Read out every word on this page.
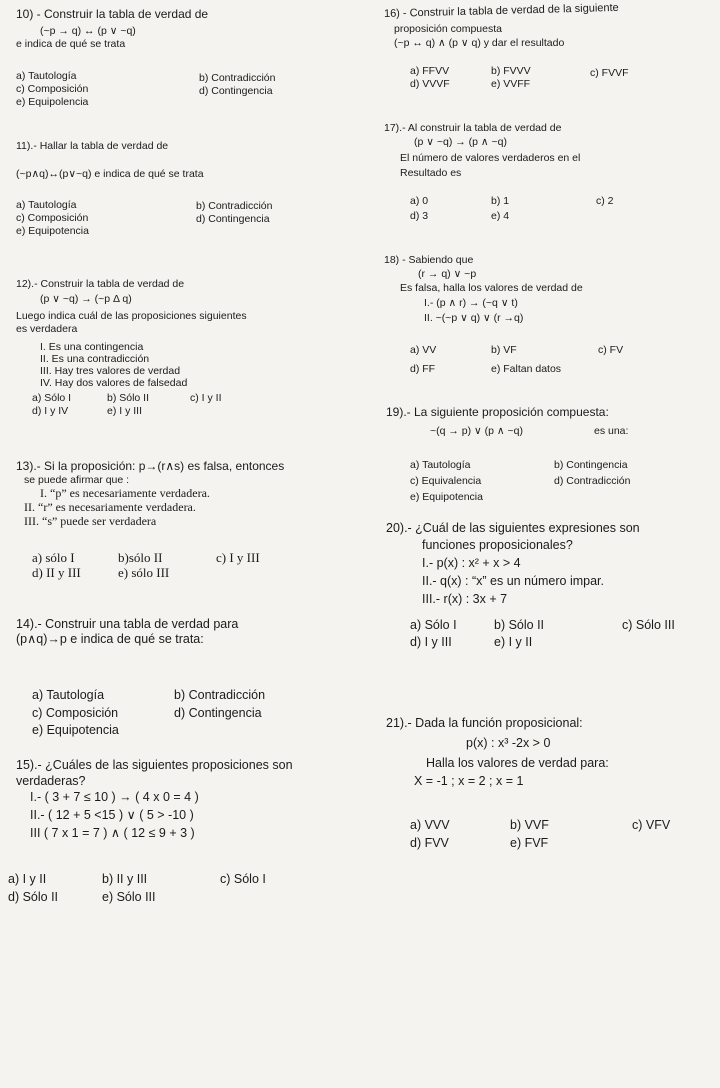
10) - Construir la tabla de verdad de
(~p → q) ↔ (p ∨ ~q)
e indica de qué se trata
a) Tautología	b) Contradicción
c) Composición	d) Contingencia
e) Equipolencia
11).- Hallar la tabla de verdad de
(~p∧q)↔(p∨~q) e indica de qué se trata
a) Tautología	b) Contradicción
c) Composición	d) Contingencia
e) Equipotencia
12).- Construir la tabla de verdad de
(p ∨ ~q) → (~p Δ q)
Luego indica cuál de las proposiciones siguientes
es verdadera
I. Es una contingencia
II. Es una contradicción
III. Hay tres valores de verdad
IV. Hay dos valores de falsedad
a) Sólo I	b) Sólo II	c) I y II
d) I y IV	e) I y III
13).- Si la proposición: p→(r∧s) es falsa, entonces
se puede afirmar que :
I. “p” es necesariamente verdadera.
II. “r” es necesariamente verdadera.
III. “s” puede ser verdadera
a) sólo I	b)sólo II	c) I y III
d) II y III	e) sólo III
14).- Construir una tabla de verdad para
(p∧q)→p e indica de qué se trata:
a) Tautología	b) Contradicción
c) Composición	d) Contingencia
e) Equipotencia
15).- ¿Cuáles de las siguientes proposiciones son
verdaderas?
I.- ( 3 + 7 ≤ 10 ) → ( 4 x 0 = 4 )
II.- ( 12 + 5 <15 ) ∨ ( 5 > -10 )
III ( 7 x 1 = 7 ) ∧ ( 12 ≤ 9 + 3 )
a) I y II	b) II y III	c) Sólo I
d) Sólo II	e) Sólo III
16) - Construir la tabla de verdad de la siguiente
proposición compuesta
(~p ↔ q) ∧ (p ∨ q) y dar el resultado
a) FFVV	b) FVVV	c) FVVF
d) VVVF	e) VVFF
17).- Al construir la tabla de verdad de
(p ∨ ~q) → (p ∧ ~q)
El número de valores verdaderos en el
Resultado es
a) 0	b) 1	c) 2
d) 3	e) 4
18) - Sabiendo que
(r → q) ∨ ~p
Es falsa, halla los valores de verdad de
I.- (p ∧ r) → (~q ∨ t)
II. ~(~p ∨ q) ∨ (r →q)
a) VV	b) VF	c) FV
d) FF	e) Faltan datos
19).- La siguiente proposición compuesta:
~(q → p) ∨ (p ∧ ~q)	es una:
a) Tautología	b) Contingencia
c) Equivalencia	d) Contradicción
e) Equipotencia
20).- ¿Cuál de las siguientes expresiones son
funciones proposicionales?
I.- p(x) : x² + x > 4
II.- q(x) : “x” es un número impar.
III.- r(x) : 3x + 7
a) Sólo I	b) Sólo II	c) Sólo III
d) I y III	e) I y II
21).- Dada la función proposicional:
p(x) : x³ -2x > 0
Halla los valores de verdad para:
X = -1 ; x = 2 ; x = 1
a) VVV	b) VVF	c) VFV
d) FVV	e) FVF
